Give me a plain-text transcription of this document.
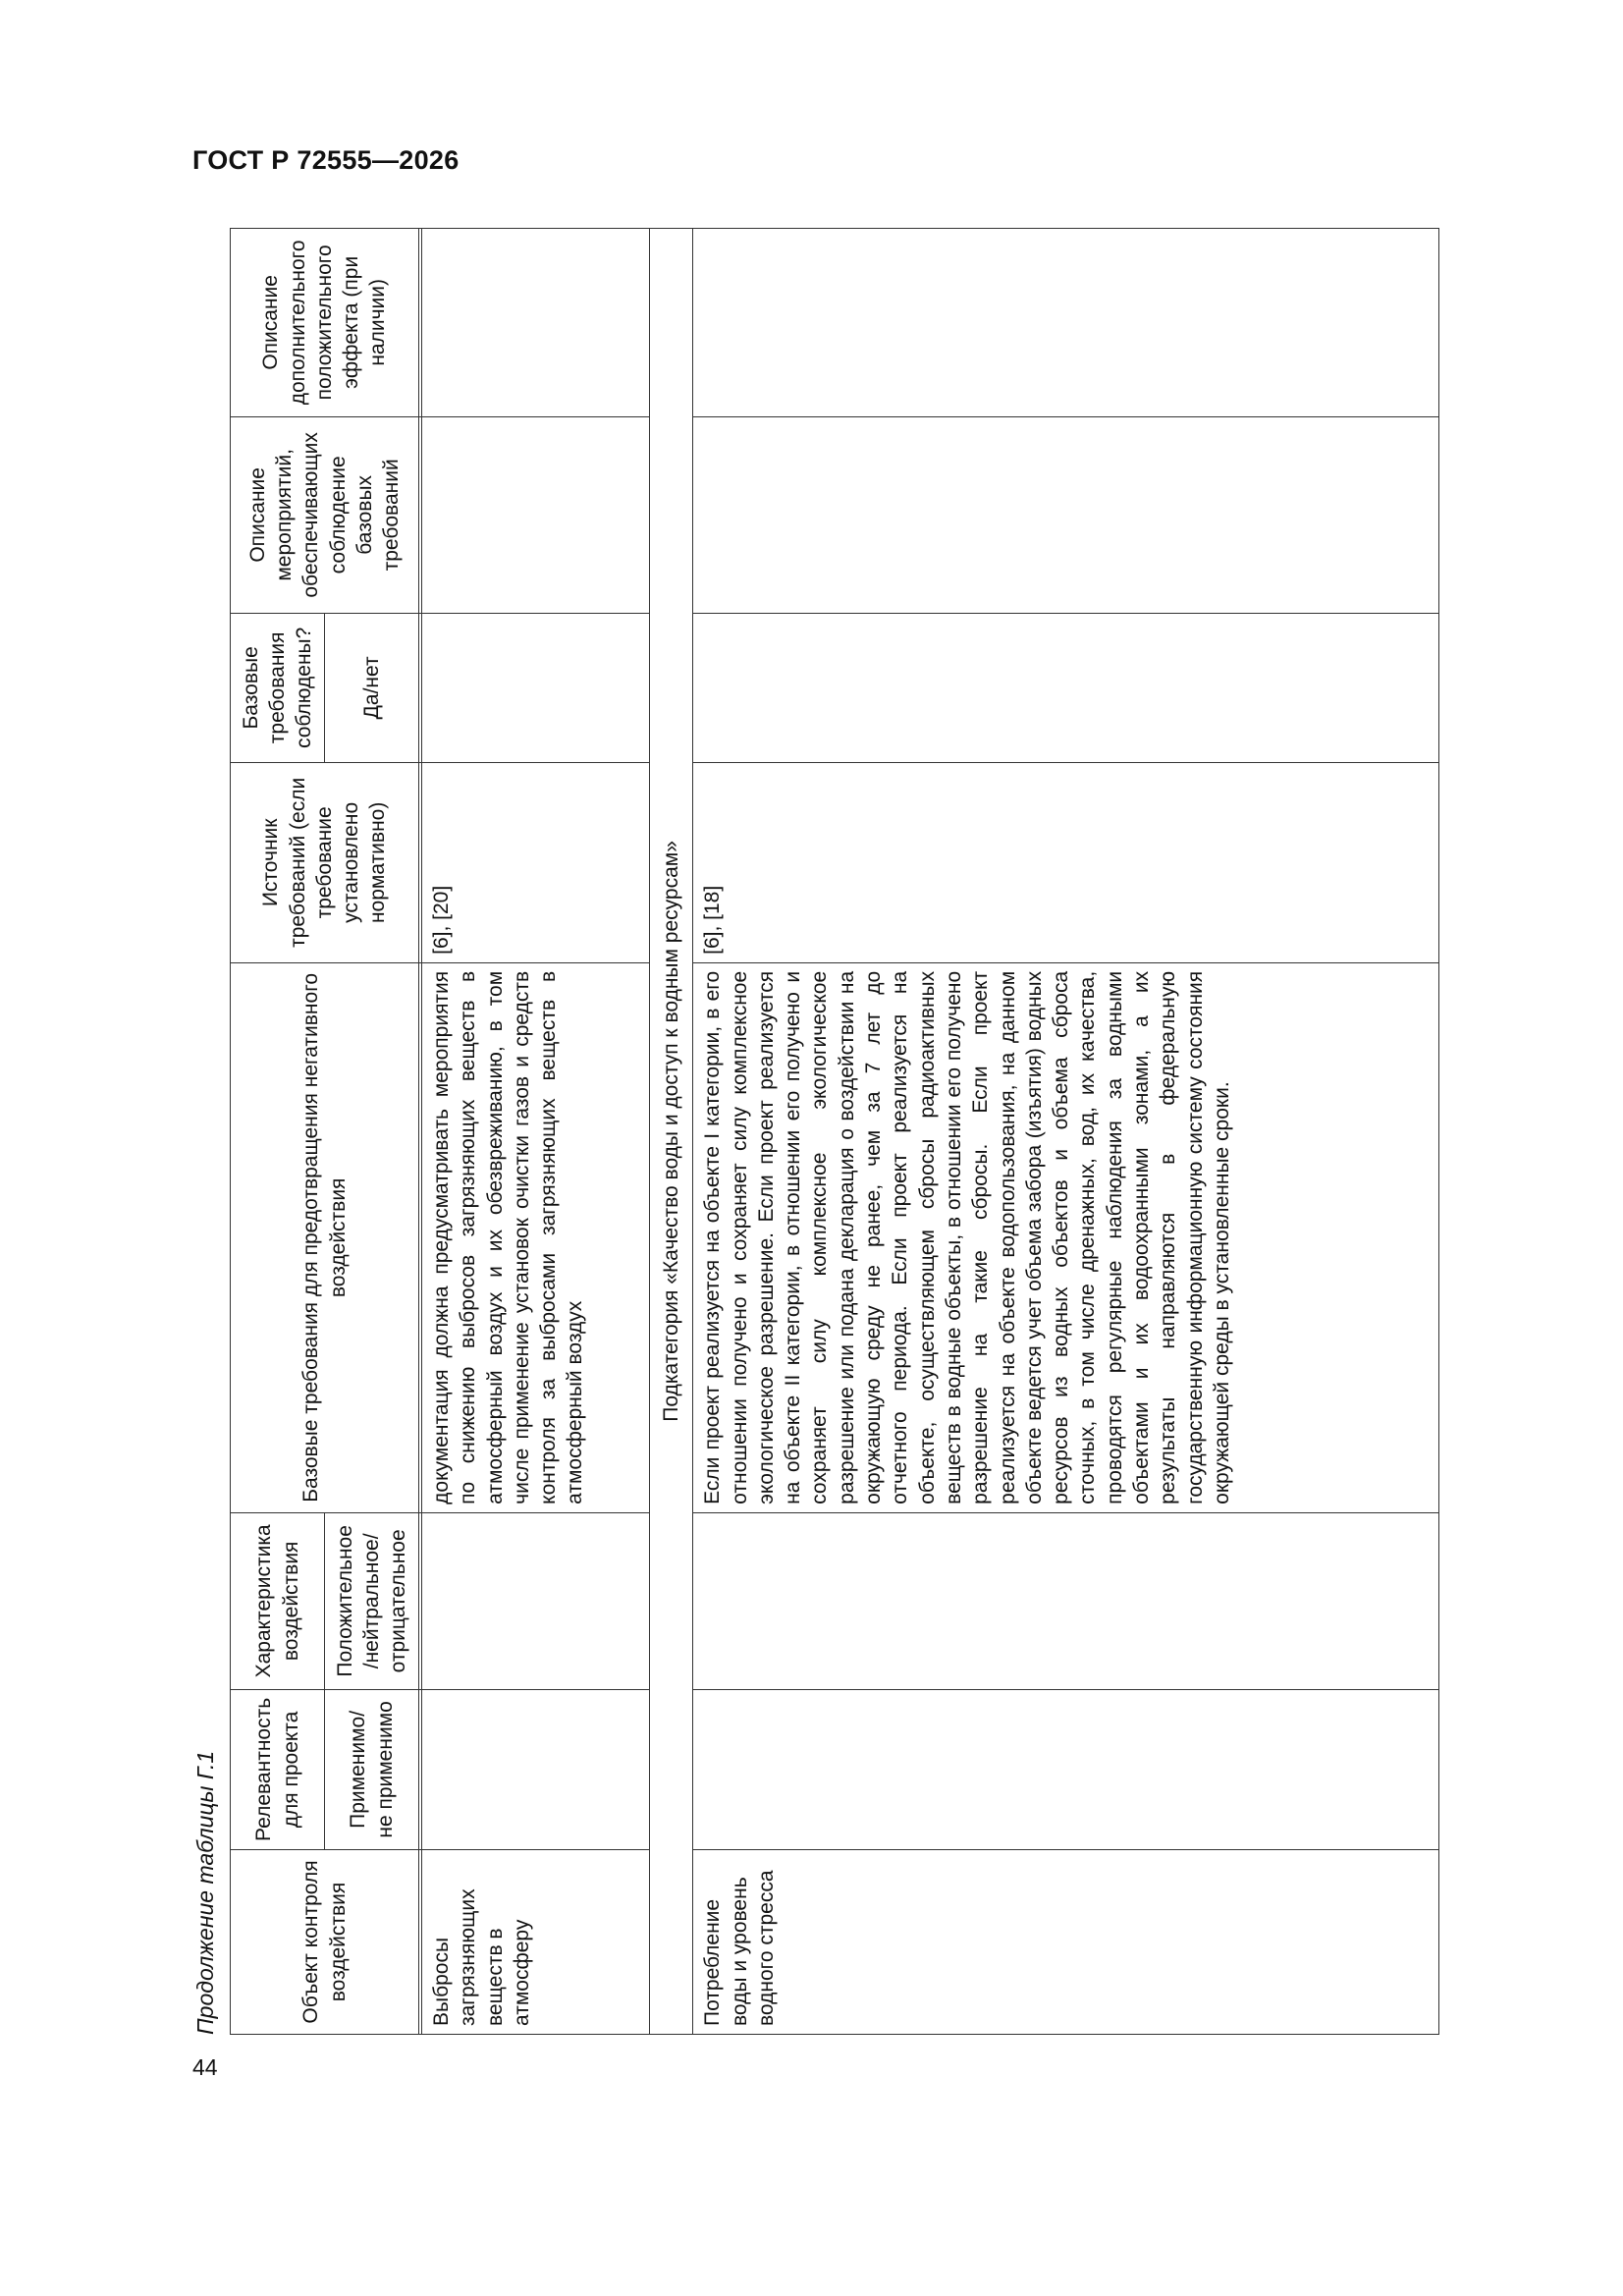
ГОСТ Р 72555—2026
44
Продолжение таблицы Г.1	Объект контроля воздействия	Релевантность для проекта	Характеристика воздействия	Базовые требования для предотвращения негативного воздействия	Источник требований (если требование установлено нормативно)	Базовые требования соблюдены?	Описание мероприятий, обеспечивающих соблюдение базовых требований	Описание дополнительного положительного эффекта (при наличии)
	Применимо/ не применимо	Положительное /нейтральное/ отрицательное			Да/нет		

Выбросы загрязняющих веществ в атмосферу			документация должна предусматривать мероприятия по снижению выбросов загрязняющих веществ в атмосферный воздух и их обезвреживанию, в том числе применение установок очистки газов и средств контроля за выбросами загрязняющих веществ в атмосферный воздух	[6], [20]			
Подкатегория «Качество воды и доступ к водным ресурсам»							
Потребление воды и уровень водного стресса			Если проект реализуется на объекте I категории, в его отношении получено и сохраняет силу комплексное экологическое разрешение. Если проект реализуется на объекте II категории, в отношении его получено и сохраняет силу комплексное экологическое разрешение или подана декларация о воздействии на окружающую среду не ранее, чем за 7 лет до отчетного периода. Если проект реализуется на объекте, осуществляющем сбросы радиоактивных веществ в водные объекты, в отношении его получено разрешение на такие сбросы. Если проект реализуется на объекте водопользования, на данном объекте ведется учет объема забора (изъятия) водных ресурсов из водных объектов и объема сброса сточных, в том числе дренажных, вод, их качества, проводятся регулярные наблюдения за водными объектами и их водоохранными зонами, а их результаты направляются в федеральную государственную информационную систему состояния окружающей среды в установленные сроки.	[6], [18]			
